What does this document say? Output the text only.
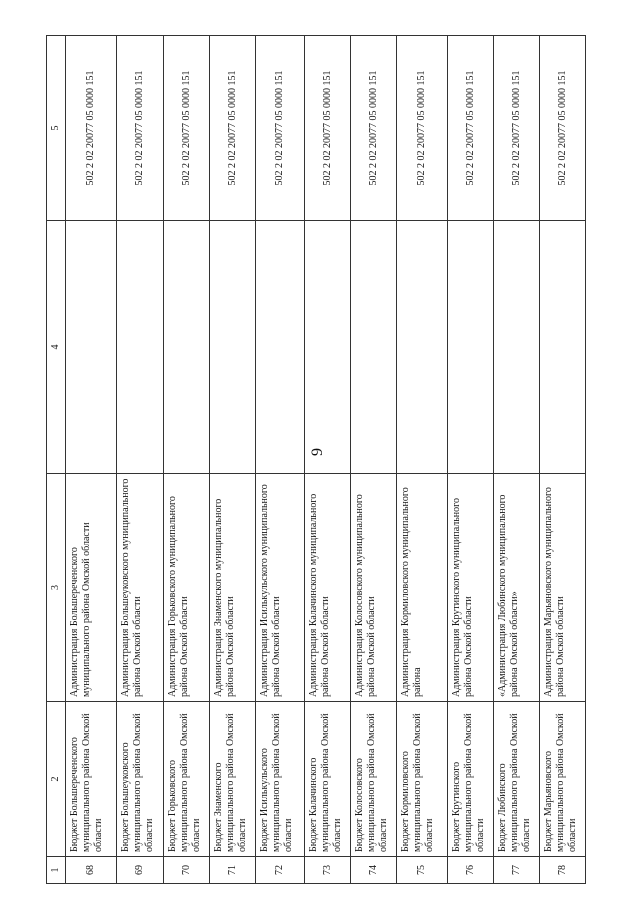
9
1	2	3	4	5
68	Бюджет Большереченского муниципального района Омской области	Администрация Большереченского муниципального района Омской области		502 2 02 20077 05 0000 151
69	Бюджет Большеуковского муниципального района Омской области	Администрация Большеуковского муниципального района Омской области		502 2 02 20077 05 0000 151
70	Бюджет Горьковского муниципального района Омской области	Администрация Горьковского муниципального района Омской области		502 2 02 20077 05 0000 151
71	Бюджет Знаменского муниципального района Омской области	Администрация Знаменского муниципального района Омской области		502 2 02 20077 05 0000 151
72	Бюджет Исилькульского муниципального района Омской области	Администрация Исилькульского муниципального района Омской области		502 2 02 20077 05 0000 151
73	Бюджет Калачинского муниципального района Омской области	Администрация Калачинского муниципального района Омской области		502 2 02 20077 05 0000 151
74	Бюджет Колосовского муниципального района Омской области	Администрация Колосовского муниципального района Омской области		502 2 02 20077 05 0000 151
75	Бюджет Кормиловского муниципального района Омской области	Администрация Кормиловского муниципального района		502 2 02 20077 05 0000 151
76	Бюджет Крутинского муниципального района Омской области	Администрация Крутинского муниципального района Омской области		502 2 02 20077 05 0000 151
77	Бюджет Любинского муниципального района Омской области	«Администрация Любинского муниципального района Омской области»		502 2 02 20077 05 0000 151
78	Бюджет Марьяновского муниципального района Омской области	Администрация Марьяновского муниципального района Омской области		502 2 02 20077 05 0000 151
